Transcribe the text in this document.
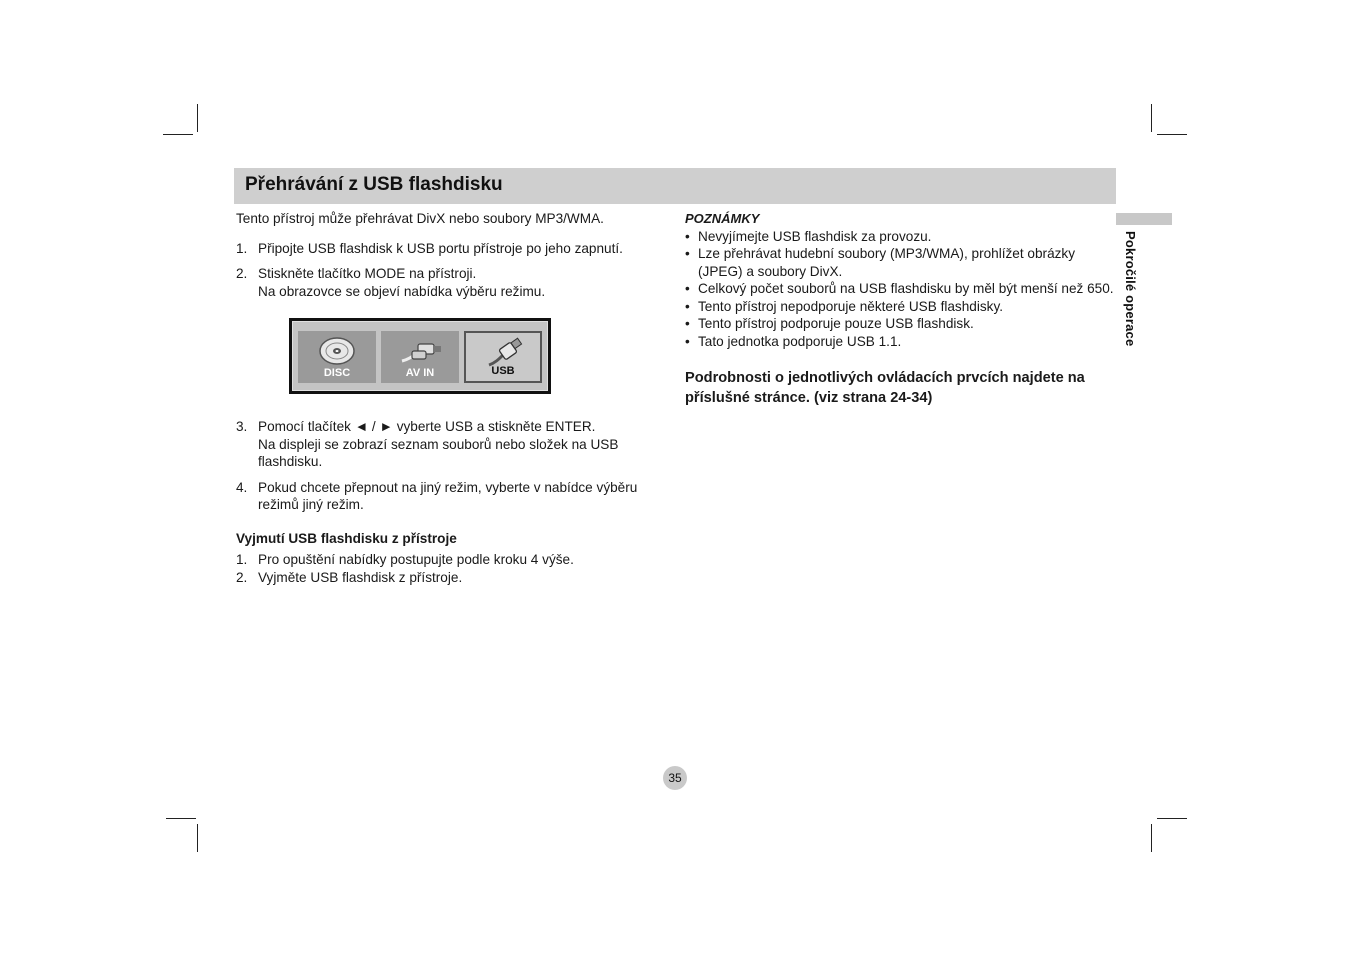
Přehrávání z USB flashdisku
Pokročilé operace

Tento přístroj může přehrávat DivX nebo soubory MP3/WMA.

1. Připojte USB flashdisk k USB portu přístroje po jeho zapnutí.
2. Stiskněte tlačítko MODE na přístroji.
Na obrazovce se objeví nabídka výběru režimu.
DISC	AV IN	USB
3. Pomocí tlačítek ◄ / ► vyberte USB a stiskněte ENTER.
Na displeji se zobrazí seznam souborů nebo složek na USB flashdisku.
4. Pokud chcete přepnout na jiný režim, vyberte v nabídce výběru režimů jiný režim.

Vyjmutí USB flashdisku z přístroje

1. Pro opuštění nabídky postupujte podle kroku 4 výše.
2. Vyjměte USB flashdisk z přístroje.

POZNÁMKY

• Nevyjímejte USB flashdisk za provozu.
• Lze přehrávat hudební soubory (MP3/WMA), prohlížet obrázky (JPEG) a soubory DivX.
• Celkový počet souborů na USB flashdisku by měl být menší než 650.
• Tento přístroj nepodporuje některé USB flashdisky.
• Tento přístroj podporuje pouze USB flashdisk.
• Tato jednotka podporuje USB 1.1.

Podrobnosti o jednotlivých ovládacích prvcích najdete na příslušné stránce. (viz strana 24-34)

35
